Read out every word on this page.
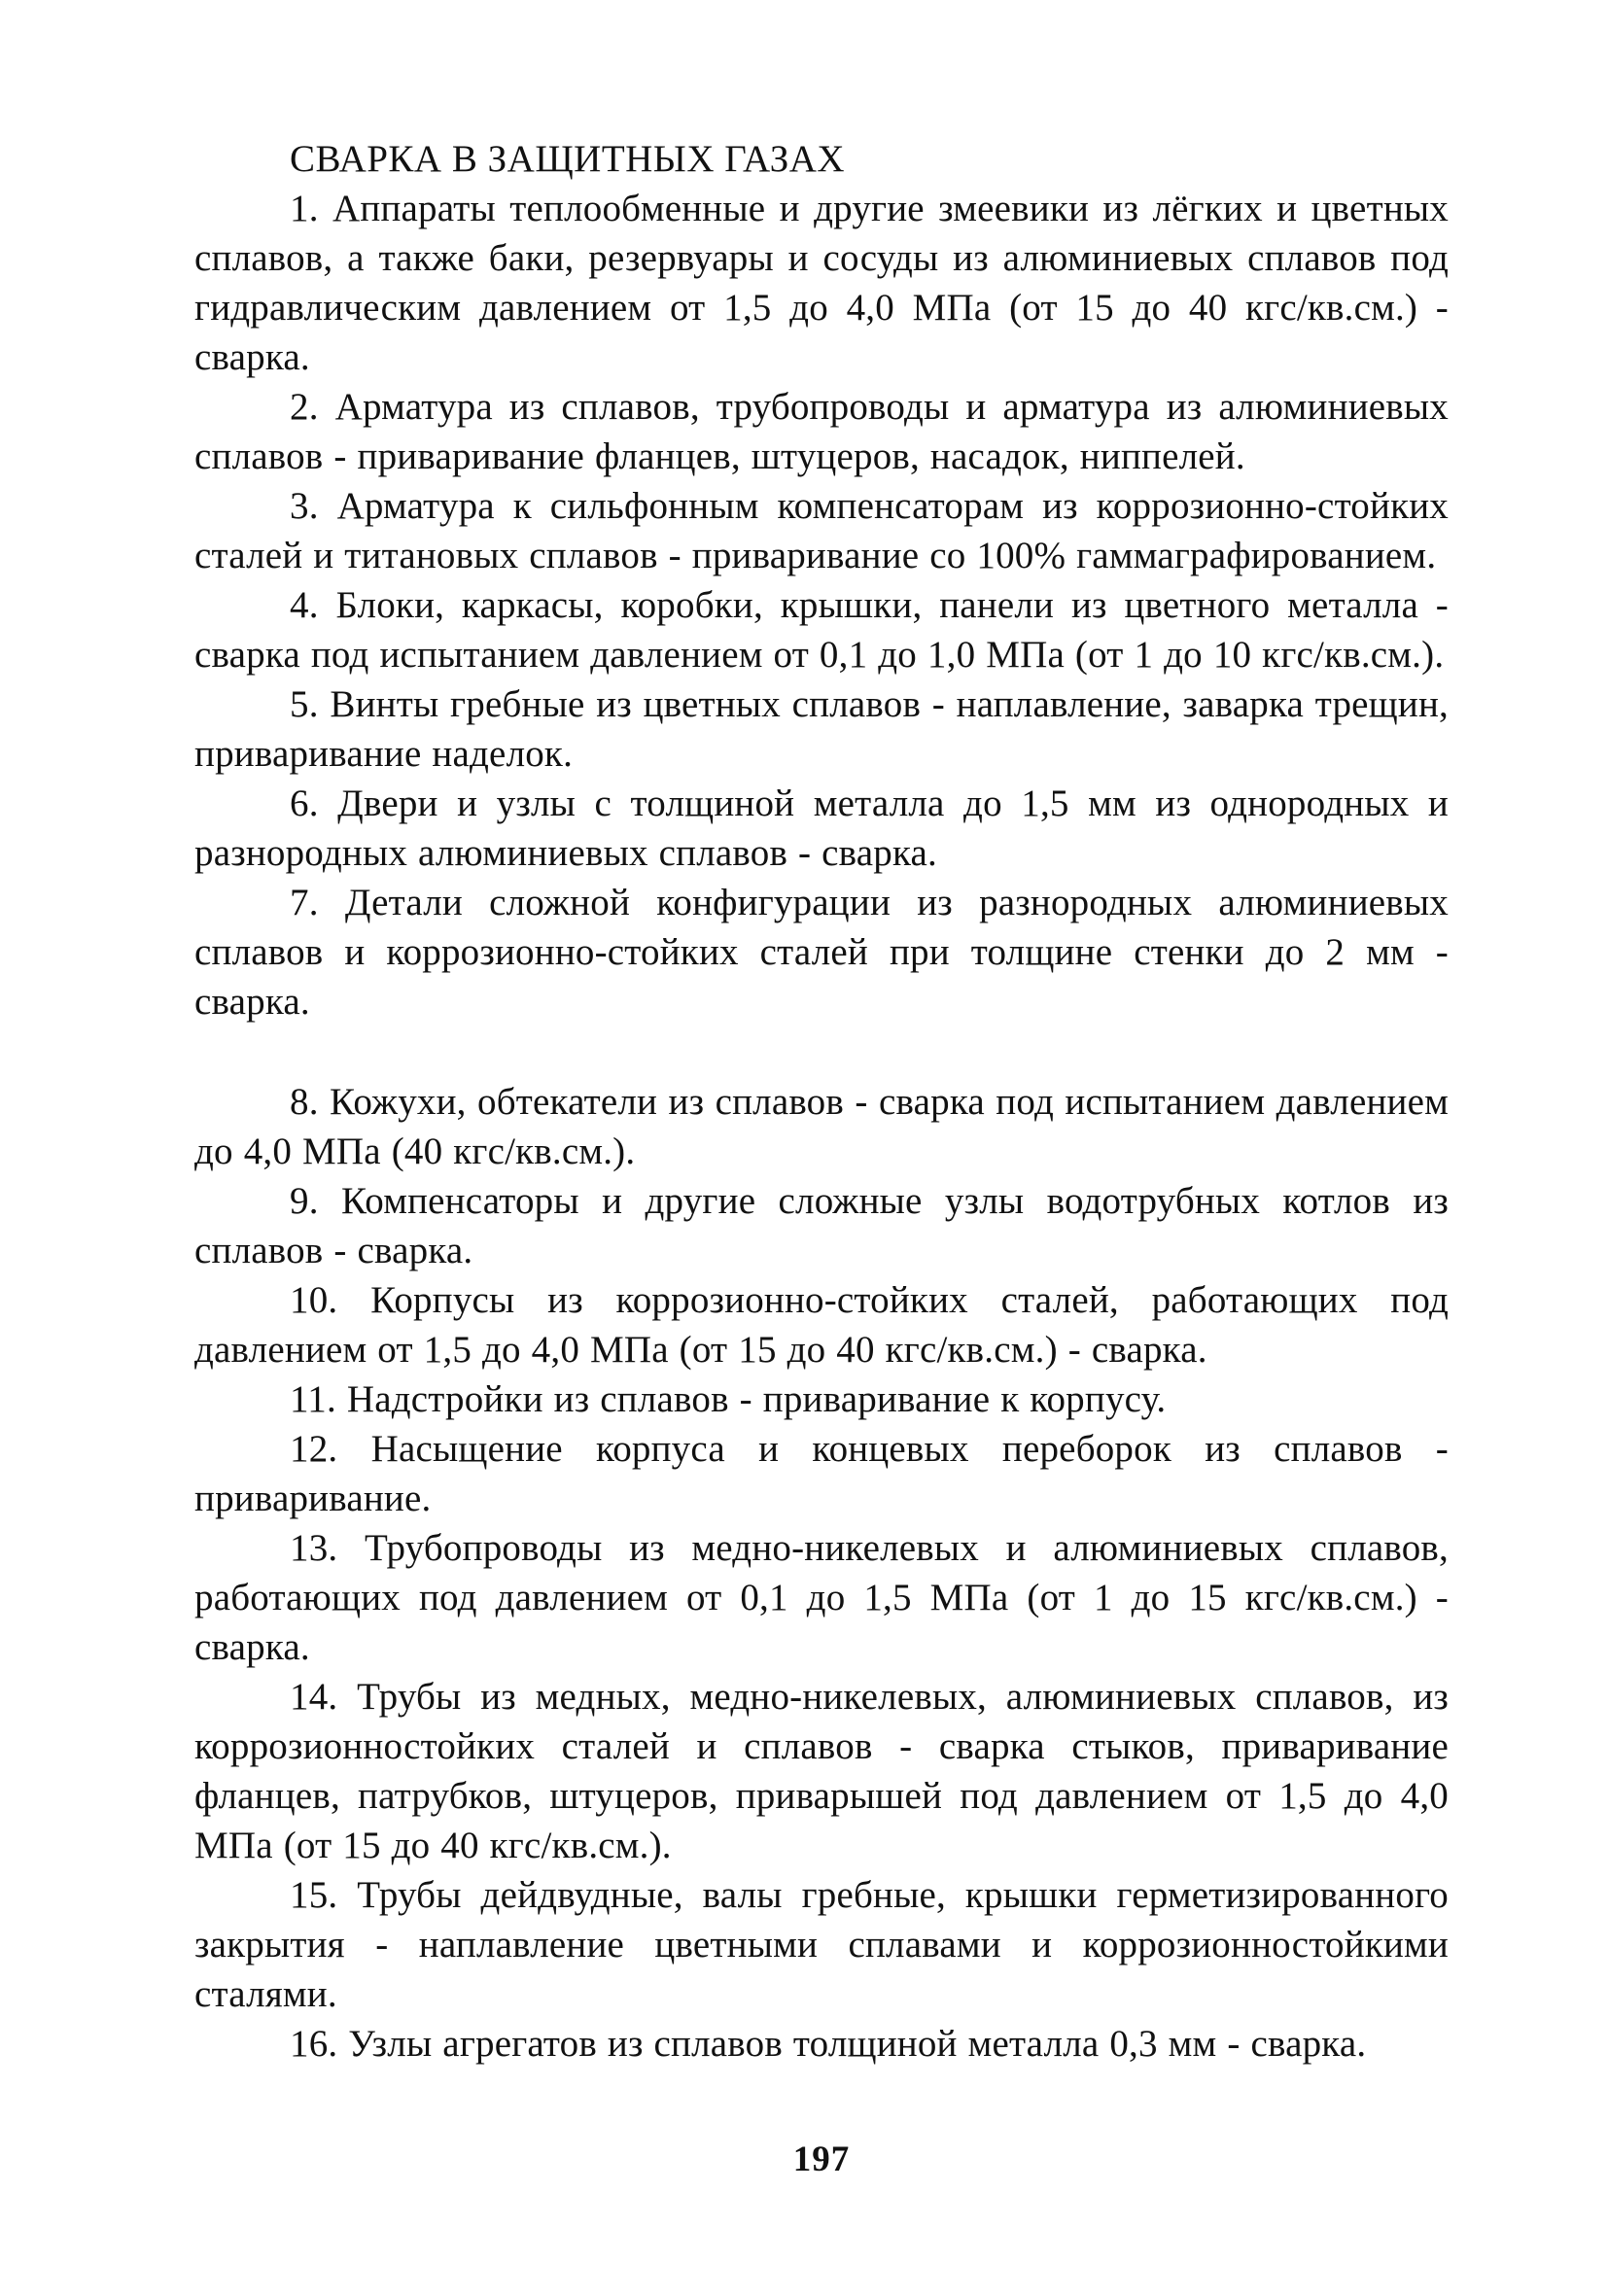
СВАРКА В ЗАЩИТНЫХ ГАЗАХ

1. Аппараты теплообменные и другие змеевики из лёгких и цветных сплавов, а также баки, резервуары и сосуды из алюминиевых сплавов под гидравлическим давлением от 1,5 до 4,0 МПа (от 15 до 40 кгс/кв.см.) - сварка.

2. Арматура из сплавов, трубопроводы и арматура из алюминиевых сплавов - приваривание фланцев, штуцеров, насадок, ниппелей.

3. Арматура к сильфонным компенсаторам из коррозионно-стойких сталей и титановых сплавов - приваривание со 100% гаммаграфированием.

4. Блоки, каркасы, коробки, крышки, панели из цветного металла - сварка под испытанием давлением от 0,1 до 1,0 МПа (от 1 до 10 кгс/кв.см.).

5. Винты гребные из цветных сплавов - наплавление, заварка трещин, приваривание наделок.

6. Двери и узлы с толщиной металла до 1,5 мм из однородных и разнородных алюминиевых сплавов - сварка.

7. Детали сложной конфигурации из разнородных алюминиевых сплавов и коррозионно-стойких сталей при толщине стенки до 2 мм - сварка.

8. Кожухи, обтекатели из сплавов - сварка под испытанием давлением до 4,0 МПа (40 кгс/кв.см.).

9. Компенсаторы и другие сложные узлы водотрубных котлов из сплавов - сварка.

10. Корпусы из коррозионно-стойких сталей, работающих под давлением от 1,5 до 4,0 МПа (от 15 до 40 кгс/кв.см.) - сварка.

11. Надстройки из сплавов - приваривание к корпусу.

12. Насыщение корпуса и концевых переборок из сплавов - приваривание.

13. Трубопроводы из медно-никелевых и алюминиевых сплавов, работающих под давлением от 0,1 до 1,5 МПа (от 1 до 15 кгс/кв.см.) - сварка.

14. Трубы из медных, медно-никелевых, алюминиевых сплавов, из коррозионностойких сталей и сплавов - сварка стыков, приваривание фланцев, патрубков, штуцеров, приварышей под давлением от 1,5 до 4,0 МПа (от 15 до 40 кгс/кв.см.).

15. Трубы дейдвудные, валы гребные, крышки герметизированного закрытия - наплавление цветными сплавами и коррозионностойкими сталями.

16. Узлы агрегатов из сплавов толщиной металла 0,3 мм - сварка.

197
